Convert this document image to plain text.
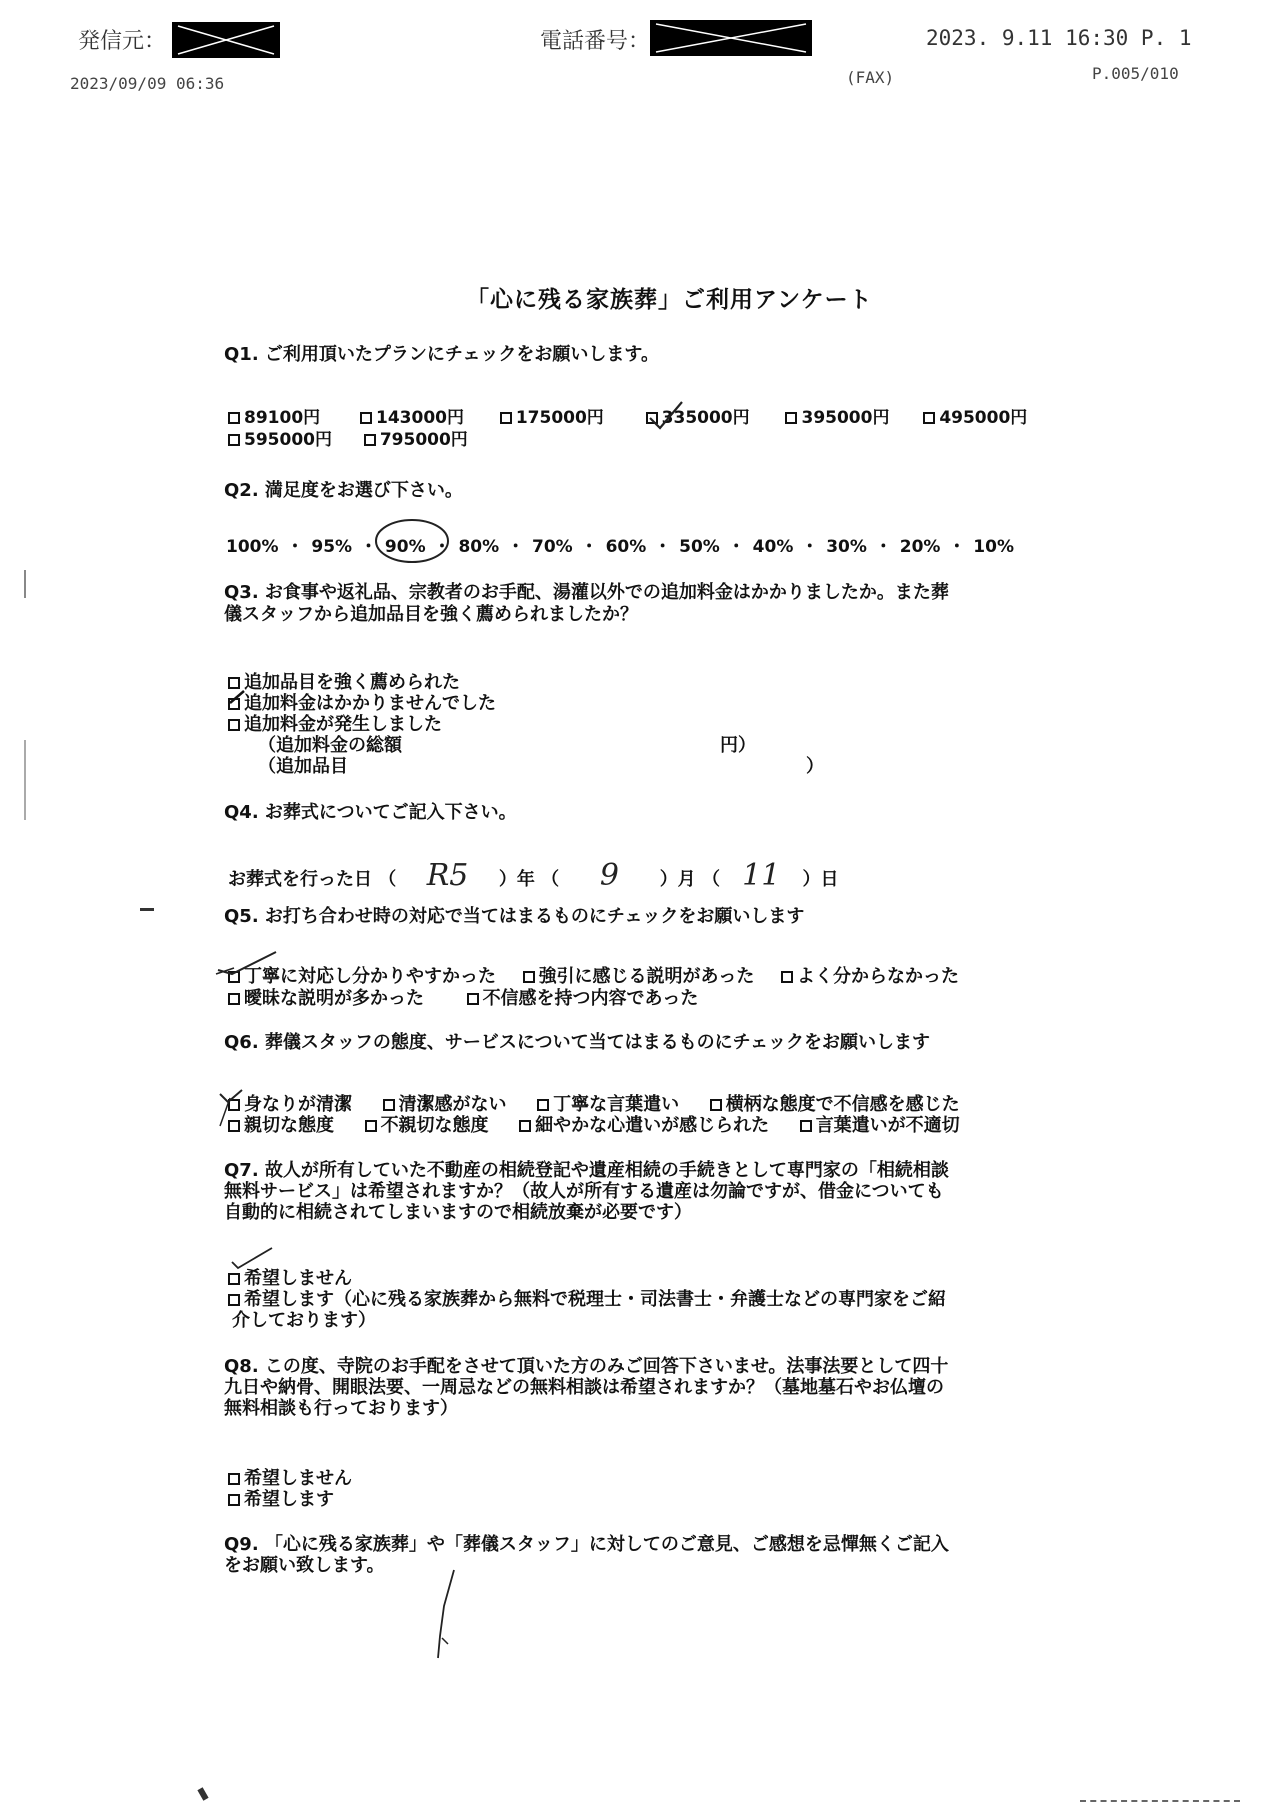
発信元：	電話番号：	2023. 9.11 16:30 P. 1
2023/09/09 06:36	(FAX)	P.005/010
「心に残る家族葬」ご利用アンケート
Q1. ご利用頂いたプランにチェックをお願いします。
89100円	143000円	175000円	335000円	395000円	495000円
595000円	795000円
Q2. 満足度をお選び下さい。
100% ・ 95% ・ 90% ・ 80% ・ 70% ・ 60% ・ 50% ・ 40% ・ 30% ・ 20% ・ 10%
Q3. お食事や返礼品、宗教者のお手配、湯灌以外での追加料金はかかりましたか。また葬
儀スタッフから追加品目を強く薦められましたか？
追加品目を強く薦められた
追加料金はかかりませんでした
追加料金が発生しました
（追加料金の総額	円）
（追加品目	）
Q4. お葬式についてご記入下さい。
お葬式を行った日 （ R5 ）年 （ 9 ）月 （ 11 ）日
Q5. お打ち合わせ時の対応で当てはまるものにチェックをお願いします
丁寧に対応し分かりやすかった 強引に感じる説明があった よく分からなかった
曖昧な説明が多かった	不信感を持つ内容であった
Q6. 葬儀スタッフの態度、サービスについて当てはまるものにチェックをお願いします
身なりが清潔	清潔感がない	丁寧な言葉遣い	横柄な態度で不信感を感じた
親切な態度	不親切な態度	細やかな心遣いが感じられた	言葉遣いが不適切
Q7. 故人が所有していた不動産の相続登記や遺産相続の手続きとして専門家の「相続相談
無料サービス」は希望されますか？（故人が所有する遺産は勿論ですが、借金についても
自動的に相続されてしまいますので相続放棄が必要です）
希望しません
希望します（心に残る家族葬から無料で税理士・司法書士・弁護士などの専門家をご紹
介しております）
Q8. この度、寺院のお手配をさせて頂いた方のみご回答下さいませ。法事法要として四十
九日や納骨、開眼法要、一周忌などの無料相談は希望されますか？（墓地墓石やお仏壇の
無料相談も行っております）
希望しません
希望します
Q9. 「心に残る家族葬」や「葬儀スタッフ」に対してのご意見、ご感想を忌憚無くご記入
をお願い致します。
